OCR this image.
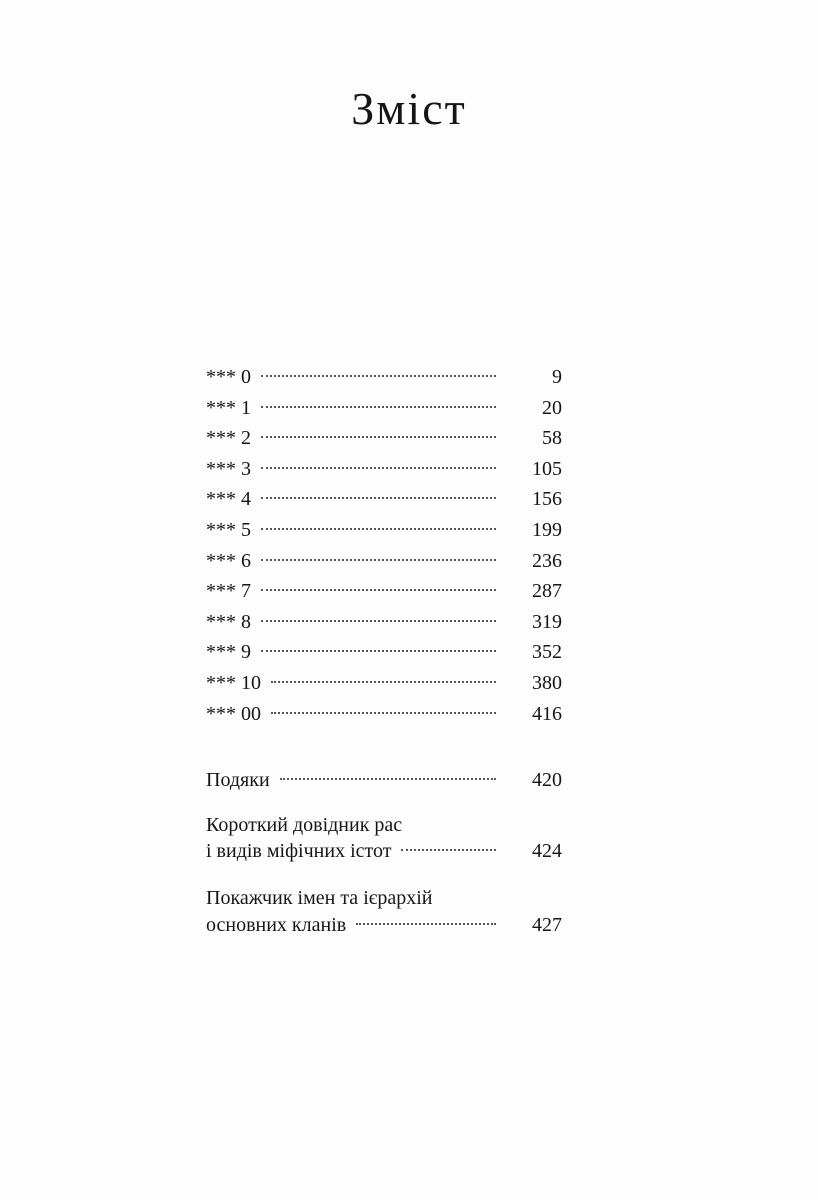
Зміст
*** 0	9
*** 1	20
*** 2	58
*** 3	105
*** 4	156
*** 5	199
*** 6	236
*** 7	287
*** 8	319
*** 9	352
*** 10	380
*** 00	416
Подяки	420
Короткий довідник рас
і видів міфічних істот	424
Покажчик імен та ієрархій
основних кланів	427
